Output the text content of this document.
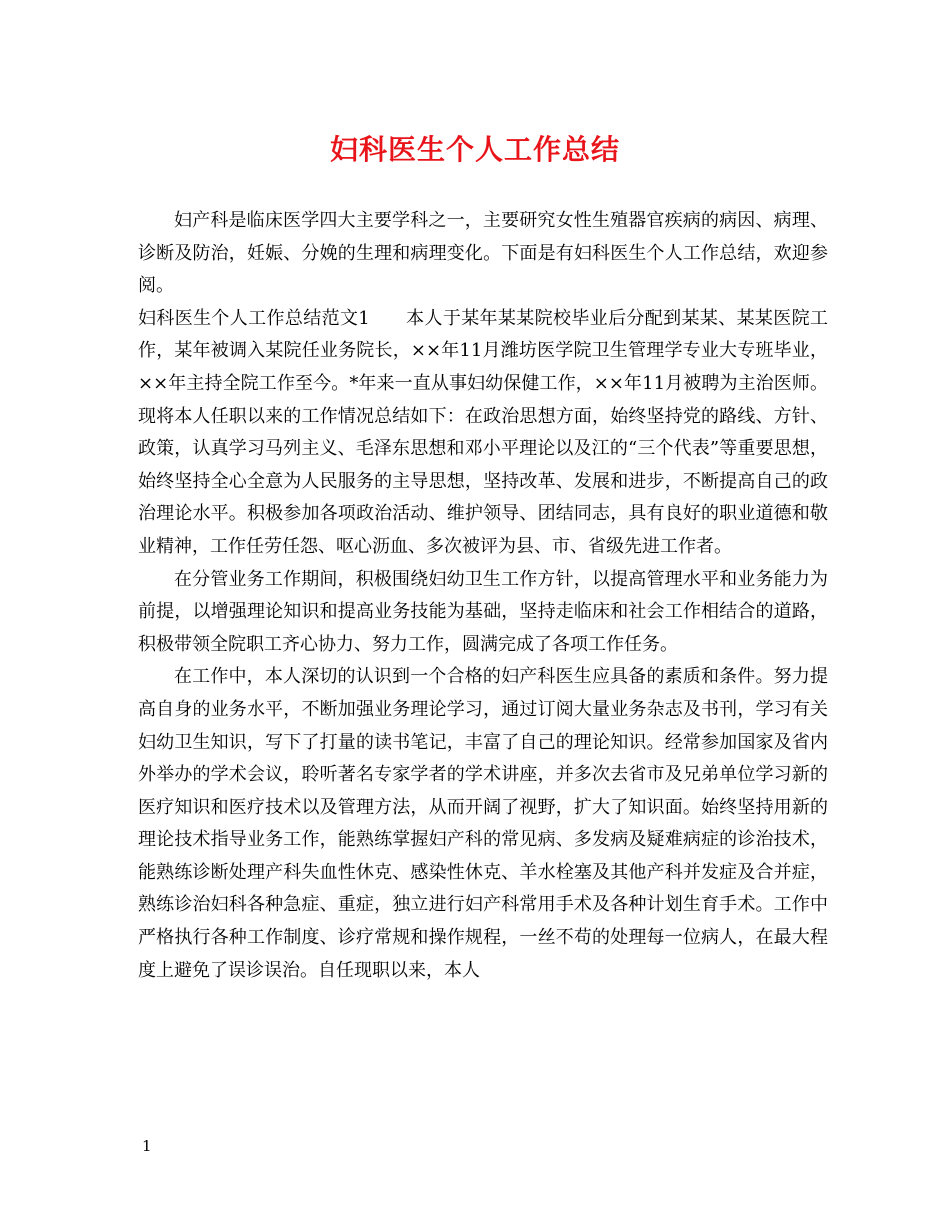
妇科医生个人工作总结

妇产科是临床医学四大主要学科之一，主要研究女性生殖器官疾病的病因、病理、诊断及防治，妊娠、分娩的生理和病理变化。下面是有妇科医生个人工作总结，欢迎参阅。

妇科医生个人工作总结范文1 本人于某年某某院校毕业后分配到某某、某某医院工作，某年被调入某院任业务院长，××年11月潍坊医学院卫生管理学专业大专班毕业，××年主持全院工作至今。*年来一直从事妇幼保健工作，××年11月被聘为主治医师。现将本人任职以来的工作情况总结如下：在政治思想方面，始终坚持党的路线、方针、政策，认真学习马列主义、毛泽东思想和邓小平理论以及江的“三个代表”等重要思想，始终坚持全心全意为人民服务的主导思想，坚持改革、发展和进步，不断提高自己的政治理论水平。积极参加各项政治活动、维护领导、团结同志，具有良好的职业道德和敬业精神，工作任劳任怨、呕心沥血、多次被评为县、市、省级先进工作者。

在分管业务工作期间，积极围绕妇幼卫生工作方针，以提高管理水平和业务能力为前提，以增强理论知识和提高业务技能为基础，坚持走临床和社会工作相结合的道路，积极带领全院职工齐心协力、努力工作，圆满完成了各项工作任务。

在工作中，本人深切的认识到一个合格的妇产科医生应具备的素质和条件。努力提高自身的业务水平，不断加强业务理论学习，通过订阅大量业务杂志及书刊，学习有关妇幼卫生知识，写下了打量的读书笔记，丰富了自己的理论知识。经常参加国家及省内外举办的学术会议，聆听著名专家学者的学术讲座，并多次去省市及兄弟单位学习新的医疗知识和医疗技术以及管理方法，从而开阔了视野，扩大了知识面。始终坚持用新的理论技术指导业务工作，能熟练掌握妇产科的常见病、多发病及疑难病症的诊治技术，能熟练诊断处理产科失血性休克、感染性休克、羊水栓塞及其他产科并发症及合并症，熟练诊治妇科各种急症、重症，独立进行妇产科常用手术及各种计划生育手术。工作中严格执行各种工作制度、诊疗常规和操作规程，一丝不苟的处理每一位病人，在最大程度上避免了误诊误治。自任现职以来，本人

1
